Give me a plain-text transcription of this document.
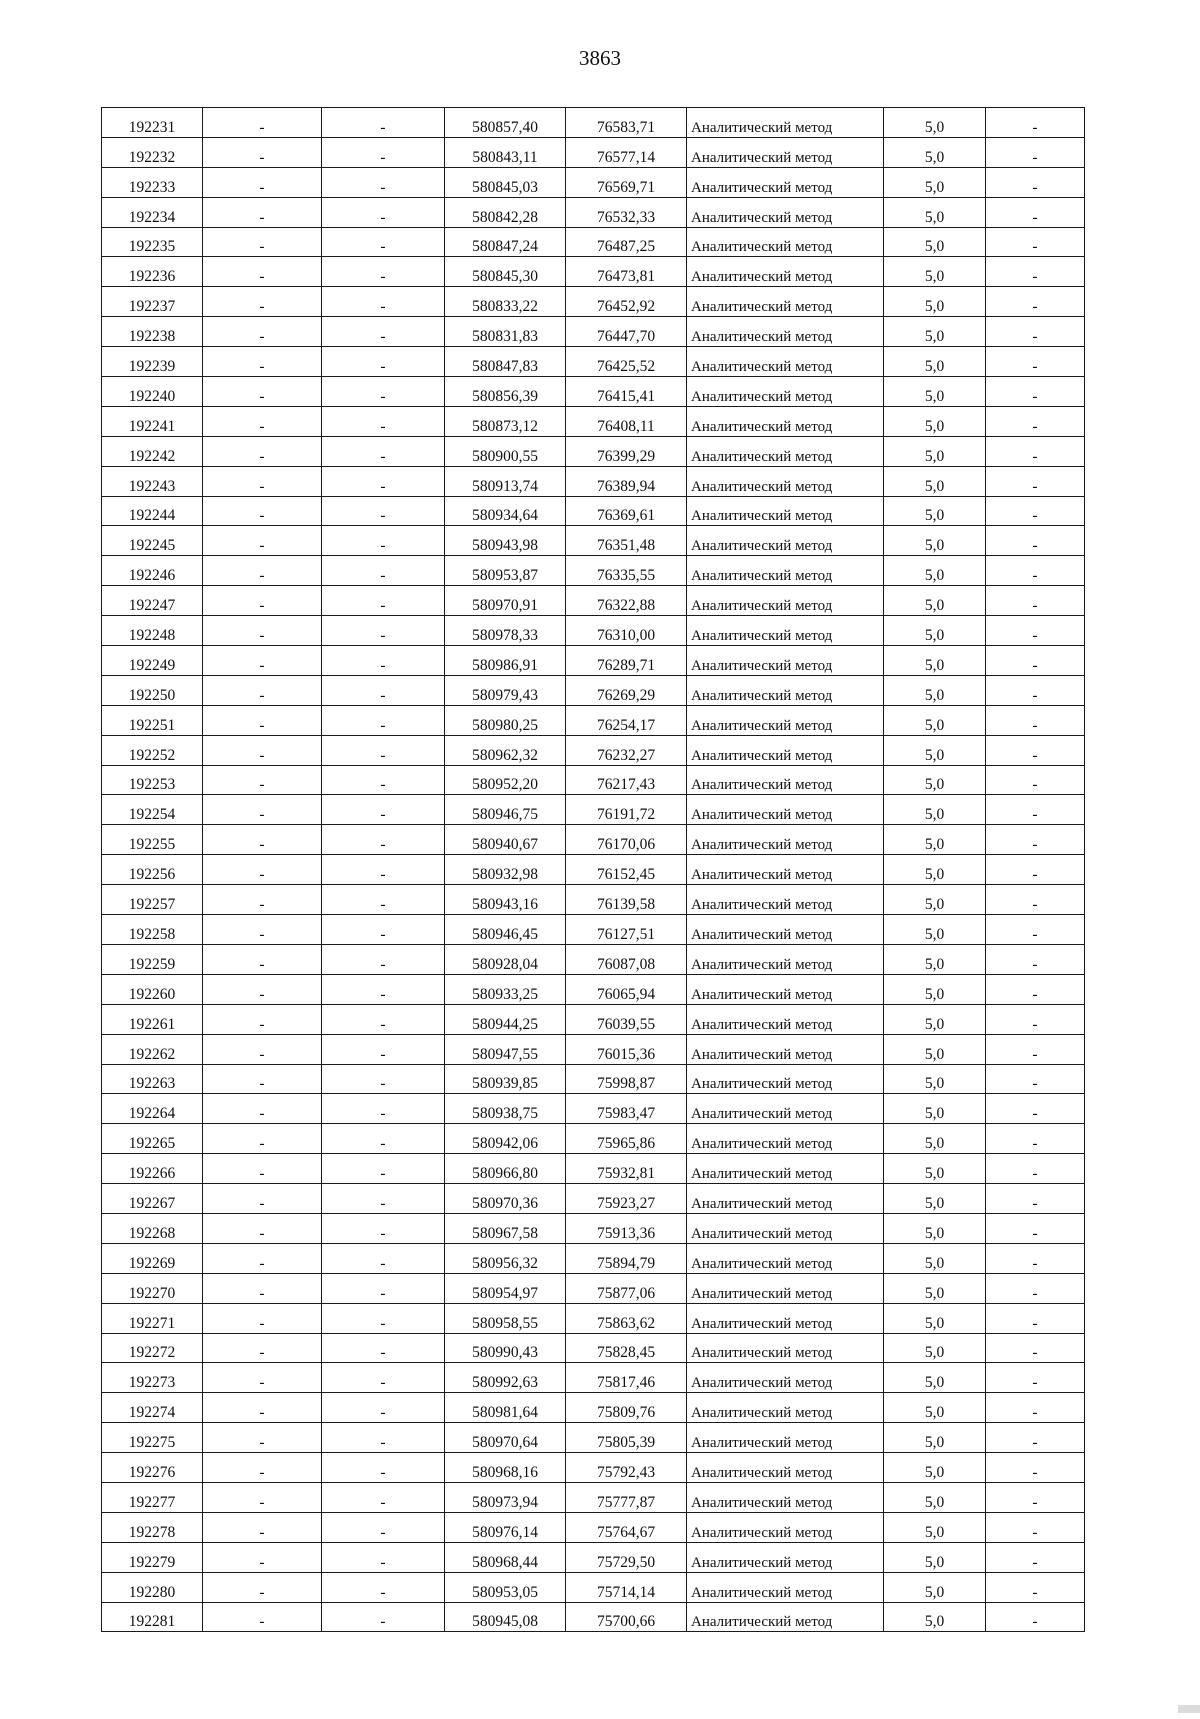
3863
192231	-	-	580857,40	76583,71	Аналитический метод	5,0	-
192232	-	-	580843,11	76577,14	Аналитический метод	5,0	-
192233	-	-	580845,03	76569,71	Аналитический метод	5,0	-
192234	-	-	580842,28	76532,33	Аналитический метод	5,0	-
192235	-	-	580847,24	76487,25	Аналитический метод	5,0	-
192236	-	-	580845,30	76473,81	Аналитический метод	5,0	-
192237	-	-	580833,22	76452,92	Аналитический метод	5,0	-
192238	-	-	580831,83	76447,70	Аналитический метод	5,0	-
192239	-	-	580847,83	76425,52	Аналитический метод	5,0	-
192240	-	-	580856,39	76415,41	Аналитический метод	5,0	-
192241	-	-	580873,12	76408,11	Аналитический метод	5,0	-
192242	-	-	580900,55	76399,29	Аналитический метод	5,0	-
192243	-	-	580913,74	76389,94	Аналитический метод	5,0	-
192244	-	-	580934,64	76369,61	Аналитический метод	5,0	-
192245	-	-	580943,98	76351,48	Аналитический метод	5,0	-
192246	-	-	580953,87	76335,55	Аналитический метод	5,0	-
192247	-	-	580970,91	76322,88	Аналитический метод	5,0	-
192248	-	-	580978,33	76310,00	Аналитический метод	5,0	-
192249	-	-	580986,91	76289,71	Аналитический метод	5,0	-
192250	-	-	580979,43	76269,29	Аналитический метод	5,0	-
192251	-	-	580980,25	76254,17	Аналитический метод	5,0	-
192252	-	-	580962,32	76232,27	Аналитический метод	5,0	-
192253	-	-	580952,20	76217,43	Аналитический метод	5,0	-
192254	-	-	580946,75	76191,72	Аналитический метод	5,0	-
192255	-	-	580940,67	76170,06	Аналитический метод	5,0	-
192256	-	-	580932,98	76152,45	Аналитический метод	5,0	-
192257	-	-	580943,16	76139,58	Аналитический метод	5,0	-
192258	-	-	580946,45	76127,51	Аналитический метод	5,0	-
192259	-	-	580928,04	76087,08	Аналитический метод	5,0	-
192260	-	-	580933,25	76065,94	Аналитический метод	5,0	-
192261	-	-	580944,25	76039,55	Аналитический метод	5,0	-
192262	-	-	580947,55	76015,36	Аналитический метод	5,0	-
192263	-	-	580939,85	75998,87	Аналитический метод	5,0	-
192264	-	-	580938,75	75983,47	Аналитический метод	5,0	-
192265	-	-	580942,06	75965,86	Аналитический метод	5,0	-
192266	-	-	580966,80	75932,81	Аналитический метод	5,0	-
192267	-	-	580970,36	75923,27	Аналитический метод	5,0	-
192268	-	-	580967,58	75913,36	Аналитический метод	5,0	-
192269	-	-	580956,32	75894,79	Аналитический метод	5,0	-
192270	-	-	580954,97	75877,06	Аналитический метод	5,0	-
192271	-	-	580958,55	75863,62	Аналитический метод	5,0	-
192272	-	-	580990,43	75828,45	Аналитический метод	5,0	-
192273	-	-	580992,63	75817,46	Аналитический метод	5,0	-
192274	-	-	580981,64	75809,76	Аналитический метод	5,0	-
192275	-	-	580970,64	75805,39	Аналитический метод	5,0	-
192276	-	-	580968,16	75792,43	Аналитический метод	5,0	-
192277	-	-	580973,94	75777,87	Аналитический метод	5,0	-
192278	-	-	580976,14	75764,67	Аналитический метод	5,0	-
192279	-	-	580968,44	75729,50	Аналитический метод	5,0	-
192280	-	-	580953,05	75714,14	Аналитический метод	5,0	-
192281	-	-	580945,08	75700,66	Аналитический метод	5,0	-
